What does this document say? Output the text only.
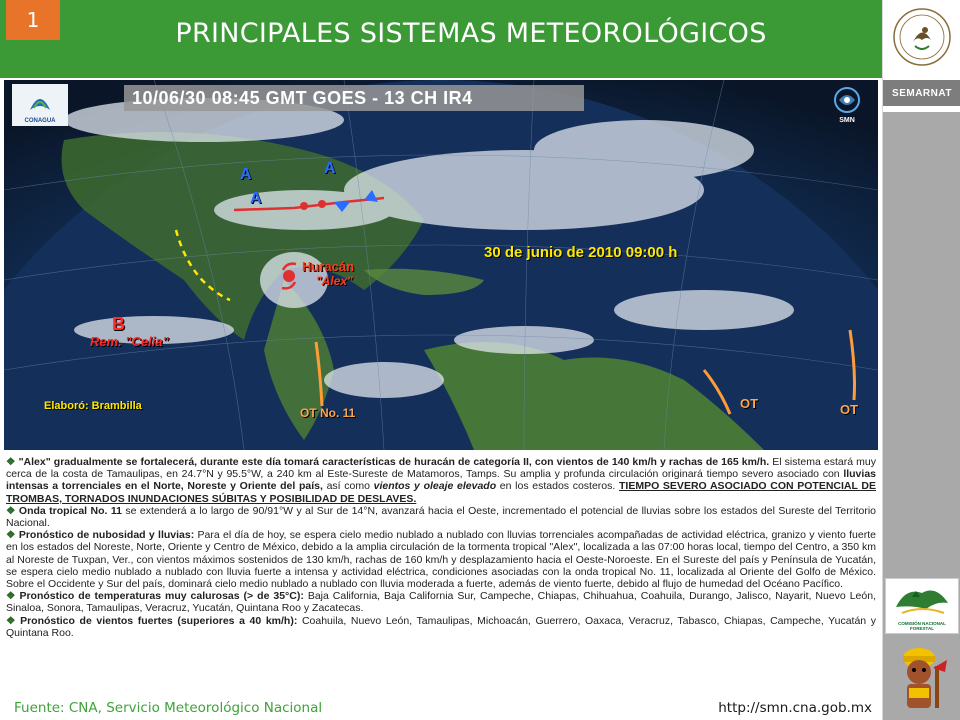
1	PRINCIPALES SISTEMAS METEOROLÓGICOS
SEMARNAT
COMISIÓN NACIONAL FORESTAL
10/06/30 08:45 GMT GOES - 13 CH IR4
CONAGUA	SMN
A	A
A
30 de junio de 2010 09:00 h
Huracán
"Alex"
B
Rem. "Celia"
Elaboró: Brambilla	OT No. 11
OT	OT

❖ "Alex" gradualmente se fortalecerá, durante este día tomará características de huracán de categoría II, con vientos de 140 km/h y rachas de 165 km/h. El sistema estará muy cerca de la costa de Tamaulipas, en 24.7°N y 95.5°W, a 240 km al Este-Sureste de Matamoros, Tamps. Su amplia y profunda circulación originará tiempo severo asociado con lluvias intensas a torrenciales en el Norte, Noreste y Oriente del país, así como vientos y oleaje elevado en los estados costeros. TIEMPO SEVERO ASOCIADO CON POTENCIAL DE TROMBAS, TORNADOS INUNDACIONES SÚBITAS Y POSIBILIDAD DE DESLAVES.

❖ Onda tropical No. 11 se extenderá a lo largo de 90/91°W y al Sur de 14°N, avanzará hacia el Oeste, incrementado el potencial de lluvias sobre los estados del Sureste del Territorio Nacional.

❖ Pronóstico de nubosidad y lluvias: Para el día de hoy, se espera cielo medio nublado a nublado con lluvias torrenciales acompañadas de actividad eléctrica, granizo y viento fuerte en los estados del Noreste, Norte, Oriente y Centro de México, debido a la amplia circulación de la tormenta tropical "Alex", localizada a las 07:00 horas local, tiempo del Centro, a 350 km al Noreste de Tuxpan, Ver., con vientos máximos sostenidos de 130 km/h, rachas de 160 km/h y desplazamiento hacia el Oeste-Noroeste. En el Sureste del país y Península de Yucatán, se espera cielo medio nublado a nublado con lluvia fuerte a intensa y actividad eléctrica, condiciones asociadas con la onda tropical No. 11, localizada al Oriente del Golfo de México. Sobre el Occidente y Sur del país, dominará cielo medio nublado a nublado con lluvia moderada a fuerte, además de viento fuerte, debido al flujo de humedad del Océano Pacífico.

❖ Pronóstico de temperaturas muy calurosas (> de 35°C): Baja California, Baja California Sur, Campeche, Chiapas, Chihuahua, Coahuila, Durango, Jalisco, Nayarit, Nuevo León, Sinaloa, Sonora, Tamaulipas, Veracruz, Yucatán, Quintana Roo y Zacatecas.

❖ Pronóstico de vientos fuertes (superiores a 40 km/h): Coahuila, Nuevo León, Tamaulipas, Michoacán, Guerrero, Oaxaca, Veracruz, Tabasco, Chiapas, Campeche, Yucatán y Quintana Roo.

Fuente: CNA, Servicio Meteorológico Nacional	http://smn.cna.gob.mx
